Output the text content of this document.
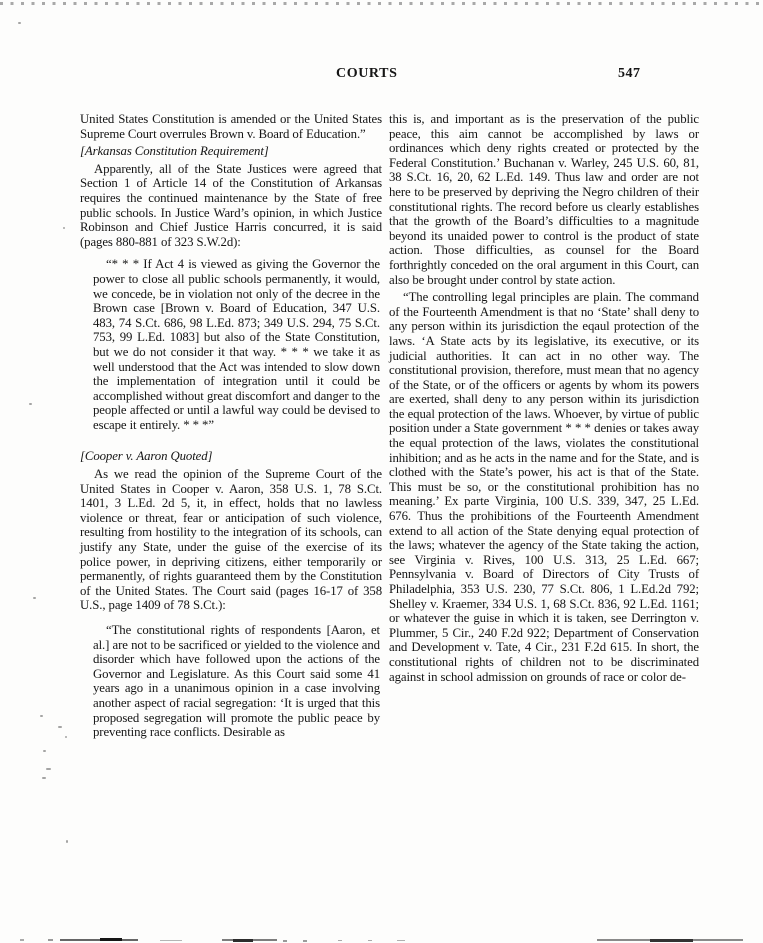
COURTS	547

United States Constitution is amended or the United States Supreme Court overrules Brown v. Board of Education.”

[Arkansas Constitution Requirement]

Apparently, all of the State Justices were agreed that Section 1 of Article 14 of the Constitution of Arkansas requires the continued maintenance by the State of free public schools. In Justice Ward’s opinion, in which Justice Robinson and Chief Justice Harris concurred, it is said (pages 880-881 of 323 S.W.2d):

“* * * If Act 4 is viewed as giving the Governor the power to close all public schools permanently, it would, we concede, be in violation not only of the decree in the Brown case [Brown v. Board of Education, 347 U.S. 483, 74 S.Ct. 686, 98 L.Ed. 873; 349 U.S. 294, 75 S.Ct. 753, 99 L.Ed. 1083] but also of the State Constitution, but we do not consider it that way. * * * we take it as well understood that the Act was intended to slow down the implementation of integration until it could be accomplished without great discomfort and danger to the people affected or until a lawful way could be devised to escape it entirely. * * *”

[Cooper v. Aaron Quoted]

As we read the opinion of the Supreme Court of the United States in Cooper v. Aaron, 358 U.S. 1, 78 S.Ct. 1401, 3 L.Ed. 2d 5, it, in effect, holds that no lawless violence or threat, fear or anticipation of such violence, resulting from hostility to the integration of its schools, can justify any State, under the guise of the exercise of its police power, in depriving citizens, either temporarily or permanently, of rights guaranteed them by the Constitution of the United States. The Court said (pages 16-17 of 358 U.S., page 1409 of 78 S.Ct.):

“The constitutional rights of respondents [Aaron, et al.] are not to be sacrificed or yielded to the violence and disorder which have followed upon the actions of the Governor and Legislature. As this Court said some 41 years ago in a unanimous opinion in a case involving another aspect of racial segregation: ‘It is urged that this proposed segregation will promote the public peace by preventing race conflicts. Desirable as

this is, and important as is the preservation of the public peace, this aim cannot be accomplished by laws or ordinances which deny rights created or protected by the Federal Constitution.’ Buchanan v. Warley, 245 U.S. 60, 81, 38 S.Ct. 16, 20, 62 L.Ed. 149. Thus law and order are not here to be preserved by depriving the Negro children of their constitutional rights. The record before us clearly establishes that the growth of the Board’s difficulties to a magnitude beyond its unaided power to control is the product of state action. Those difficulties, as counsel for the Board forthrightly conceded on the oral argument in this Court, can also be brought under control by state action.

“The controlling legal principles are plain. The command of the Fourteenth Amendment is that no ‘State’ shall deny to any person within its jurisdiction the eqaul protection of the laws. ‘A State acts by its legislative, its executive, or its judicial authorities. It can act in no other way. The constitutional provision, therefore, must mean that no agency of the State, or of the officers or agents by whom its powers are exerted, shall deny to any person within its jurisdiction the equal protection of the laws. Whoever, by virtue of public position under a State government * * * denies or takes away the equal protection of the laws, violates the constitutional inhibition; and as he acts in the name and for the State, and is clothed with the State’s power, his act is that of the State. This must be so, or the constitutional prohibition has no meaning.’ Ex parte Virginia, 100 U.S. 339, 347, 25 L.Ed. 676. Thus the prohibitions of the Fourteenth Amendment extend to all action of the State denying equal protection of the laws; whatever the agency of the State taking the action, see Virginia v. Rives, 100 U.S. 313, 25 L.Ed. 667; Pennsylvania v. Board of Directors of City Trusts of Philadelphia, 353 U.S. 230, 77 S.Ct. 806, 1 L.Ed.2d 792; Shelley v. Kraemer, 334 U.S. 1, 68 S.Ct. 836, 92 L.Ed. 1161; or whatever the guise in which it is taken, see Derrington v. Plummer, 5 Cir., 240 F.2d 922; Department of Conservation and Development v. Tate, 4 Cir., 231 F.2d 615. In short, the constitutional rights of children not to be discriminated against in school admission on grounds of race or color de-
